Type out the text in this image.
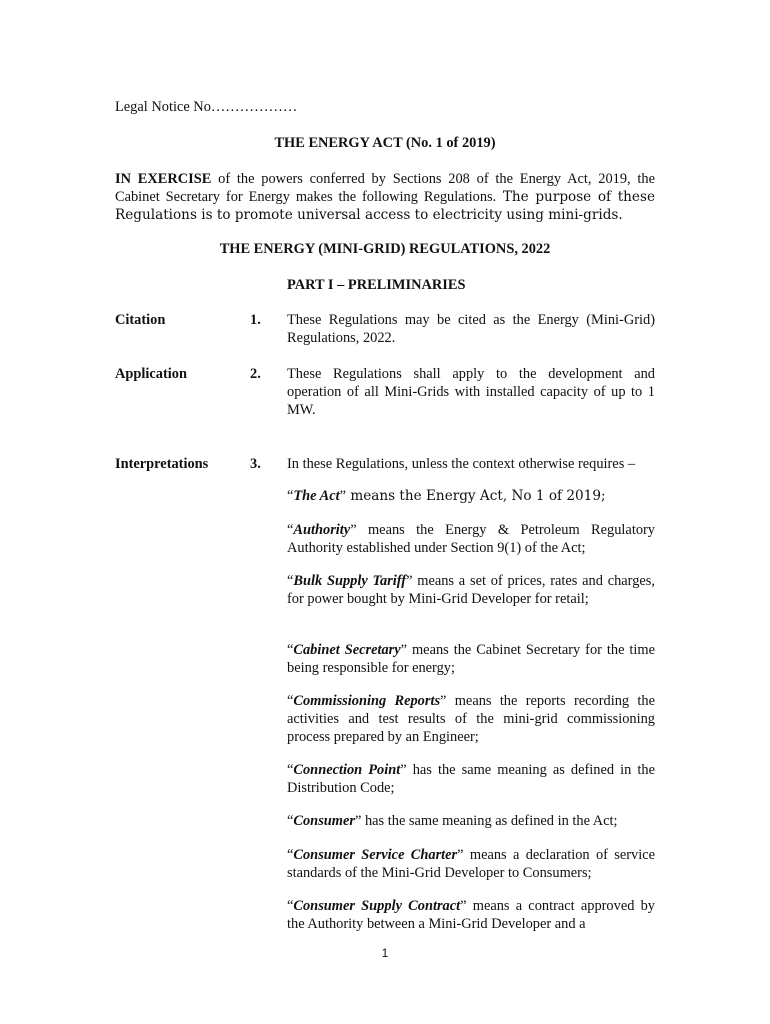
Legal Notice No………………
THE ENERGY ACT (No. 1 of 2019)
IN EXERCISE of the powers conferred by Sections 208 of the Energy Act, 2019, the Cabinet Secretary for Energy makes the following Regulations. The purpose of these Regulations is to promote universal access to electricity using mini-grids.
THE ENERGY (MINI-GRID) REGULATIONS, 2022
PART I – PRELIMINARIES
Citation	1. These Regulations may be cited as the Energy (Mini-Grid) Regulations, 2022.
Application	2. These Regulations shall apply to the development and operation of all Mini-Grids with installed capacity of up to 1 MW.
Interpretations	3. In these Regulations, unless the context otherwise requires –
“The Act” means the Energy Act, No 1 of 2019;
“Authority” means the Energy & Petroleum Regulatory Authority established under Section 9(1) of the Act;
“Bulk Supply Tariff” means a set of prices, rates and charges, for power bought by Mini-Grid Developer for retail;
“Cabinet Secretary” means the Cabinet Secretary for the time being responsible for energy;
“Commissioning Reports” means the reports recording the activities and test results of the mini-grid commissioning process prepared by an Engineer;
“Connection Point” has the same meaning as defined in the Distribution Code;
“Consumer” has the same meaning as defined in the Act;
“Consumer Service Charter” means a declaration of service standards of the Mini-Grid Developer to Consumers;
“Consumer Supply Contract” means a contract approved by the Authority between a Mini-Grid Developer and a
1
